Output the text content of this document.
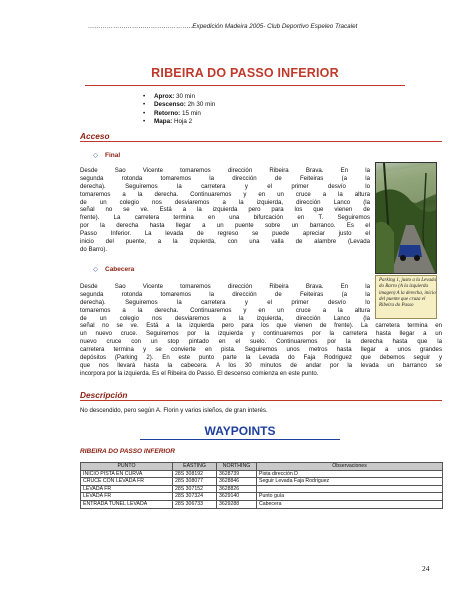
…………………………………………..Expedición Madeira 2005- Club Deportivo Espeleo Tracalet
RIBEIRA DO PASSO INFERIOR
• Aprox: 30 min
• Descenso: 2h 30 min
• Retorno: 15 min
• Mapa: Hoja 2
Acceso
◇ Final
Desde Sao Vicente tomaremos dirección Ribeira Brava. En la
segunda rotonda tomaremos la dirección de Feiteiras (a la
derecha). Seguiremos la carretera y el primer desvío lo
tomaremos a la derecha. Continuaremos y en un cruce a la altura
de un colegio nos desviaremos a la izquierda, dirección Lanco (la
señal no se ve. Está a la izquierda pero para los que vienen de
frente). La carretera termina en una bifurcación en T. Seguiremos
por la derecha hasta llegar a un puente sobre un barranco. Es el
Passo Inferior. La levada de regreso se puede apreciar justo el
inicio del puente, a la izquierda, con una valla de alambre (Levada
do Barro).
Parking 1, justo a la Levada
do Barro (A la izquierda
imagen) A la derecha, inicio
del puente que cruza el
Ribeira do Passo
◇ Cabecera
Desde Sao Vicente tomaremos dirección Ribeira Brava. En la
segunda rotonda tomaremos la dirección de Feiteiras (a la
derecha). Seguiremos la carretera y el primer desvío lo
tomaremos a la derecha. Continuaremos y en un cruce a la altura
de un colegio nos desviaremos a la izquierda, dirección Lanco (la
señal no se ve. Está a la izquierda pero para los que vienen de frente). La carretera termina en
un nuevo cruce. Seguiremos por la izquierda y continuaremos por la carretera hasta llegar a un
nuevo cruce con un stop pintado en el suelo. Continuaremos por la derecha hasta que la
carretera termina y se convierte en pista. Seguiremos unos metros hasta llegar a unos grandes
depósitos (Parking 2). En este punto parte la Levada do Faja Rodriguez que debemos seguir y
que nos llevará hasta la cabecera. A los 30 minutos de andar por la levada un barranco se
incorpora por la izquierda. Es el Ribeira do Passo. El descenso comienza en este punto.
Descripción
No descendido, pero según A. Florin y varios isleños, de gran interés.
WAYPOINTS
RIBEIRA DO PASSO INFERIOR
PUNTO	EASTING	NORTHING	Observaciones
INICIO PISTA EN CURVA	28S 308192	3628739	Pista dirección D
CRUCE CON LEVADA FR	28S 308077	3628846	Seguir Levada Faja Rodriguez
LEVADA FR	28S 307152	3628826	
LEVADA FR	28S 307324	3629140	Punto guía
ENTRADA TUNEL LEVADA	28S 306733	3629288	Cabecera
24
